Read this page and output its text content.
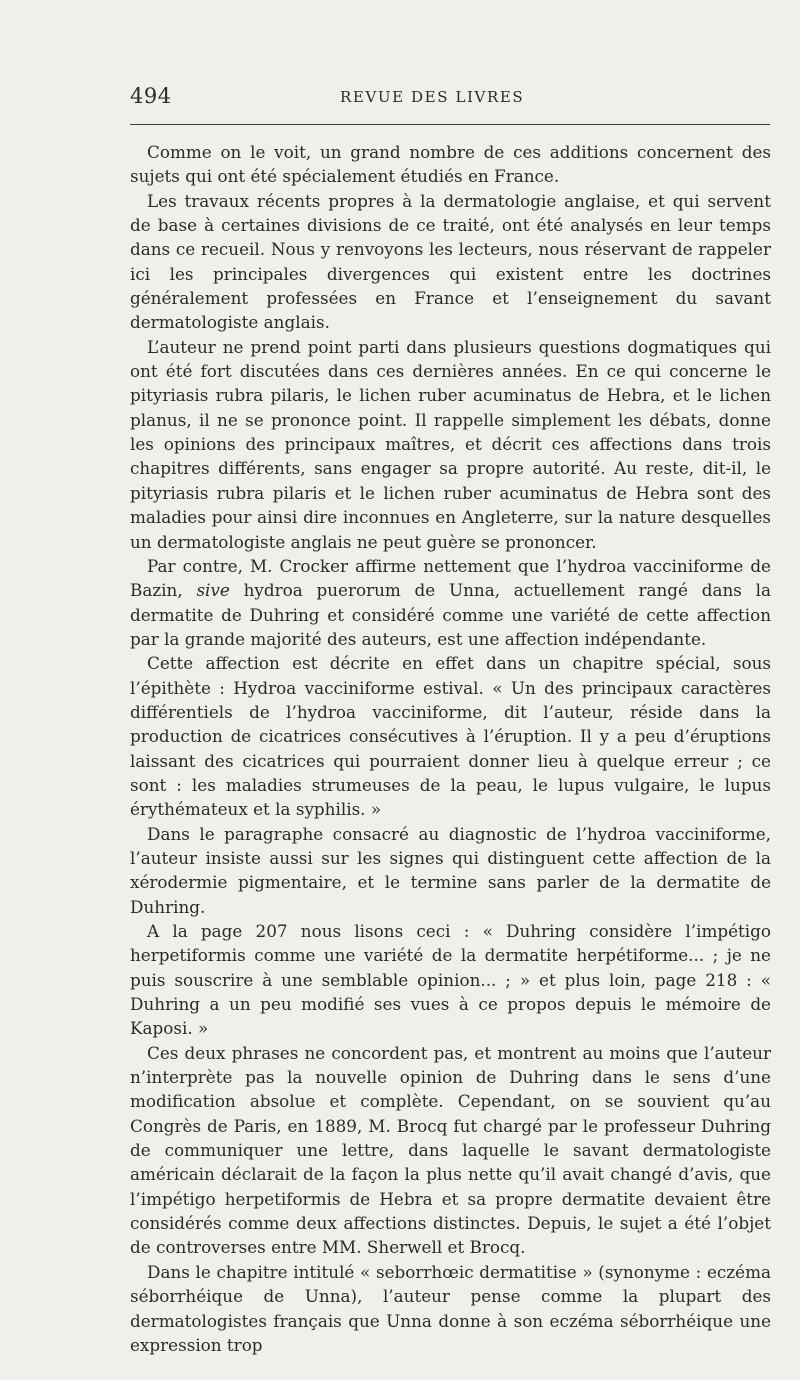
494	REVUE DES LIVRES

Comme on le voit, un grand nombre de ces additions concernent des sujets qui ont été spécialement étudiés en France.

Les travaux récents propres à la dermatologie anglaise, et qui servent de base à certaines divisions de ce traité, ont été analysés en leur temps dans ce recueil. Nous y renvoyons les lecteurs, nous réservant de rappeler ici les principales divergences qui existent entre les doctrines généralement professées en France et l’enseignement du savant dermatologiste anglais.

L’auteur ne prend point parti dans plusieurs questions dogmatiques qui ont été fort discutées dans ces dernières années. En ce qui concerne le pityriasis rubra pilaris, le lichen ruber acuminatus de Hebra, et le lichen planus, il ne se prononce point. Il rappelle simplement les débats, donne les opinions des principaux maîtres, et décrit ces affections dans trois chapitres différents, sans engager sa propre autorité. Au reste, dit-il, le pityriasis rubra pilaris et le lichen ruber acuminatus de Hebra sont des maladies pour ainsi dire inconnues en Angleterre, sur la nature desquelles un dermatologiste anglais ne peut guère se prononcer.

Par contre, M. Crocker affirme nettement que l’hydroa vacciniforme de Bazin, sive hydroa puerorum de Unna, actuellement rangé dans la dermatite de Duhring et considéré comme une variété de cette affection par la grande majorité des auteurs, est une affection indépendante.

Cette affection est décrite en effet dans un chapitre spécial, sous l’épithète : Hydroa vacciniforme estival. « Un des principaux caractères différentiels de l’hydroa vacciniforme, dit l’auteur, réside dans la production de cicatrices consécutives à l’éruption. Il y a peu d’éruptions laissant des cicatrices qui pourraient donner lieu à quelque erreur ; ce sont : les maladies strumeuses de la peau, le lupus vulgaire, le lupus érythémateux et la syphilis. »

Dans le paragraphe consacré au diagnostic de l’hydroa vacciniforme, l’auteur insiste aussi sur les signes qui distinguent cette affection de la xérodermie pigmentaire, et le termine sans parler de la dermatite de Duhring.

A la page 207 nous lisons ceci : « Duhring considère l’impétigo herpetiformis comme une variété de la dermatite herpétiforme... ; je ne puis souscrire à une semblable opinion... ; » et plus loin, page 218 : « Duhring a un peu modifié ses vues à ce propos depuis le mémoire de Kaposi. »

Ces deux phrases ne concordent pas, et montrent au moins que l’auteur n’interprète pas la nouvelle opinion de Duhring dans le sens d’une modification absolue et complète. Cependant, on se souvient qu’au Congrès de Paris, en 1889, M. Brocq fut chargé par le professeur Duhring de communiquer une lettre, dans laquelle le savant dermatologiste américain déclarait de la façon la plus nette qu’il avait changé d’avis, que l’impétigo herpetiformis de Hebra et sa propre dermatite devaient être considérés comme deux affections distinctes. Depuis, le sujet a été l’objet de controverses entre MM. Sherwell et Brocq.

Dans le chapitre intitulé « seborrhœic dermatitise » (synonyme : eczéma séborrhéique de Unna), l’auteur pense comme la plupart des dermatologistes français que Unna donne à son eczéma séborrhéique une expression trop
